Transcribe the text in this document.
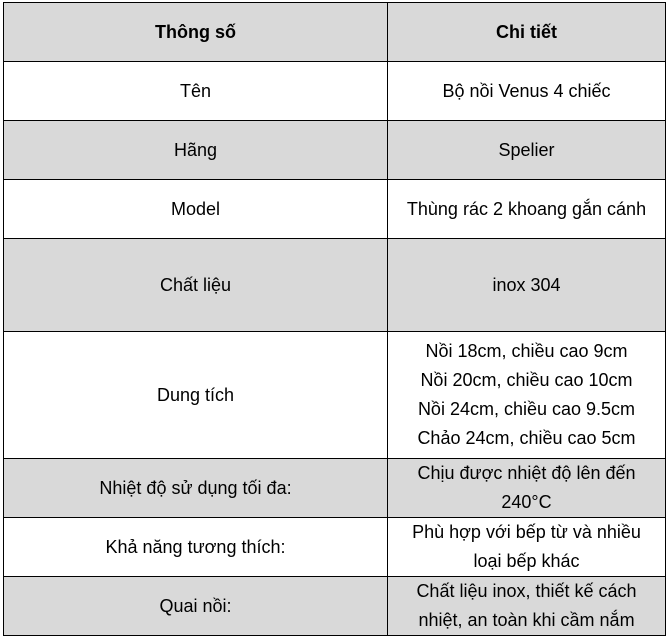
Thông số	Chi tiết
Tên	Bộ nồi Venus 4 chiếc

Hãng	Spelier

Model	Thùng rác 2 khoang gắn cánh

Chất liệu	inox 304

Dung tích	Nồi 18cm, chiều cao 9cm
Nồi 20cm, chiều cao 10cm
Nồi 24cm, chiều cao 9.5cm
Chảo 24cm, chiều cao 5cm

Nhiệt độ sử dụng tối đa:	Chịu được nhiệt độ lên đến
240°C

Khả năng tương thích:	Phù hợp với bếp từ và nhiều
loại bếp khác

Quai nồi:	Chất liệu inox, thiết kế cách
nhiệt, an toàn khi cầm nắm
